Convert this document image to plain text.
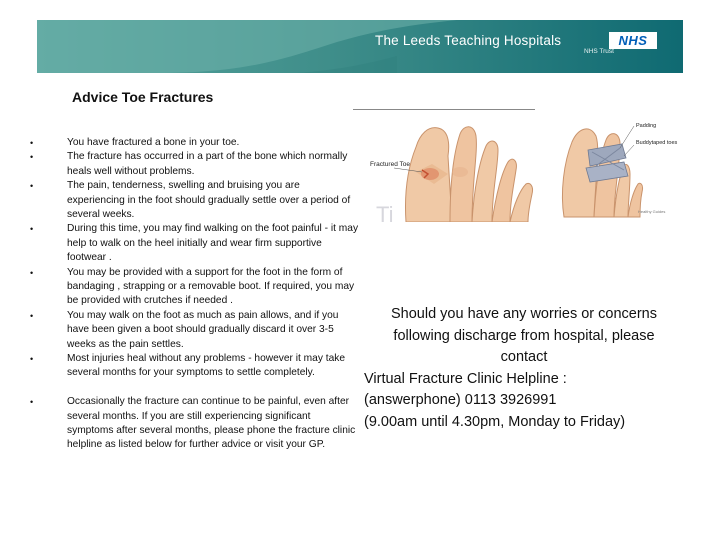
The Leeds Teaching Hospitals	NHS
NHS Trust
Advice Toe Fractures
•	You have fractured a bone in your toe.
•	The fracture has occurred in a part of the bone which normally heals well without problems.
•	The pain, tenderness, swelling and bruising you are experiencing in the foot should gradually settle over a period of several weeks.
•	During this time, you may find walking on the foot painful - it may help to walk on the heel initially and wear firm supportive footwear .
•	You may be provided with a support for the foot in the form of bandaging , strapping or a removable boot. If required, you may be provided with crutches if needed .
•	You may walk on the foot as much as pain allows, and if you have been given a boot should gradually discard it over 3-5 weeks as the pain settles.
•	Most injuries heal without any problems - however it may take several months for your symptoms to settle completely.
•	Occasionally the fracture can continue to be painful, even after several months. If you are still experiencing significant symptoms after several months, please phone the fracture clinic helpline as listed below for further advice or visit your GP.
Fractured Toe
Ti
Padding
Buddytaped toes
Healthy Guides
Should you have any worries or concerns
following discharge from hospital, please
contact
Virtual Fracture Clinic Helpline :
(answerphone) 0113 3926991
(9.00am until 4.30pm, Monday to Friday)
